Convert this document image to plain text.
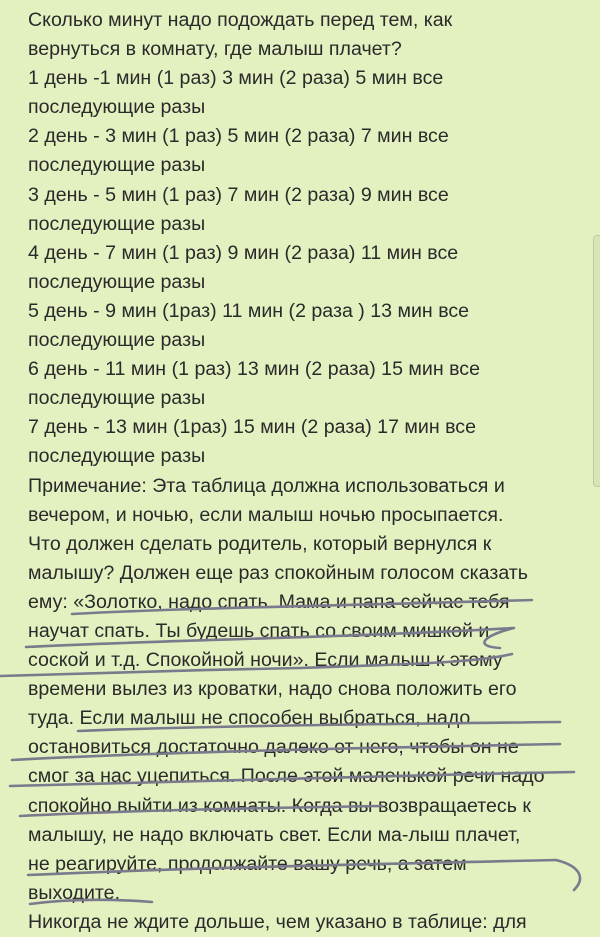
Сколько минут надо подождать перед тем, как
вернуться в комнату, где малыш плачет?
1 день -1 мин (1 раз) 3 мин (2 раза) 5 мин все
последующие разы
2 день - 3 мин (1 раз) 5 мин (2 раза) 7 мин все
последующие разы
3 день - 5 мин (1 раз) 7 мин (2 раза) 9 мин все
последующие разы
4 день - 7 мин (1 раз) 9 мин (2 раза) 11 мин все
последующие разы
5 день - 9 мин (1раз) 11 мин (2 раза ) 13 мин все
последующие разы
6 день - 11 мин (1 раз) 13 мин (2 раза) 15 мин все
последующие разы
7 день - 13 мин (1раз) 15 мин (2 раза) 17 мин все
последующие разы
Примечание: Эта таблица должна использоваться и
вечером, и ночью, если малыш ночью просыпается.
Что должен сделать родитель, который вернулся к
малышу? Должен еще раз спокойным голосом сказать
ему: «Золотко, надо спать. Мама и папа сейчас тебя
научат спать. Ты будешь спать со своим мишкой и
соской и т.д. Спокойной ночи». Если малыш к этому
времени вылез из кроватки, надо снова положить его
туда. Если малыш не способен выбраться, надо
остановиться достаточно далеко от него, чтобы он не
смог за нас уцепиться. После этой маленькой речи надо
спокойно выйти из комнаты. Когда вы возвращаетесь к
малышу, не надо включать свет. Если ма-лыш плачет,
не реагируйте, продолжайте вашу речь, а затем
выходите.
Никогда не ждите дольше, чем указано в таблице: для
